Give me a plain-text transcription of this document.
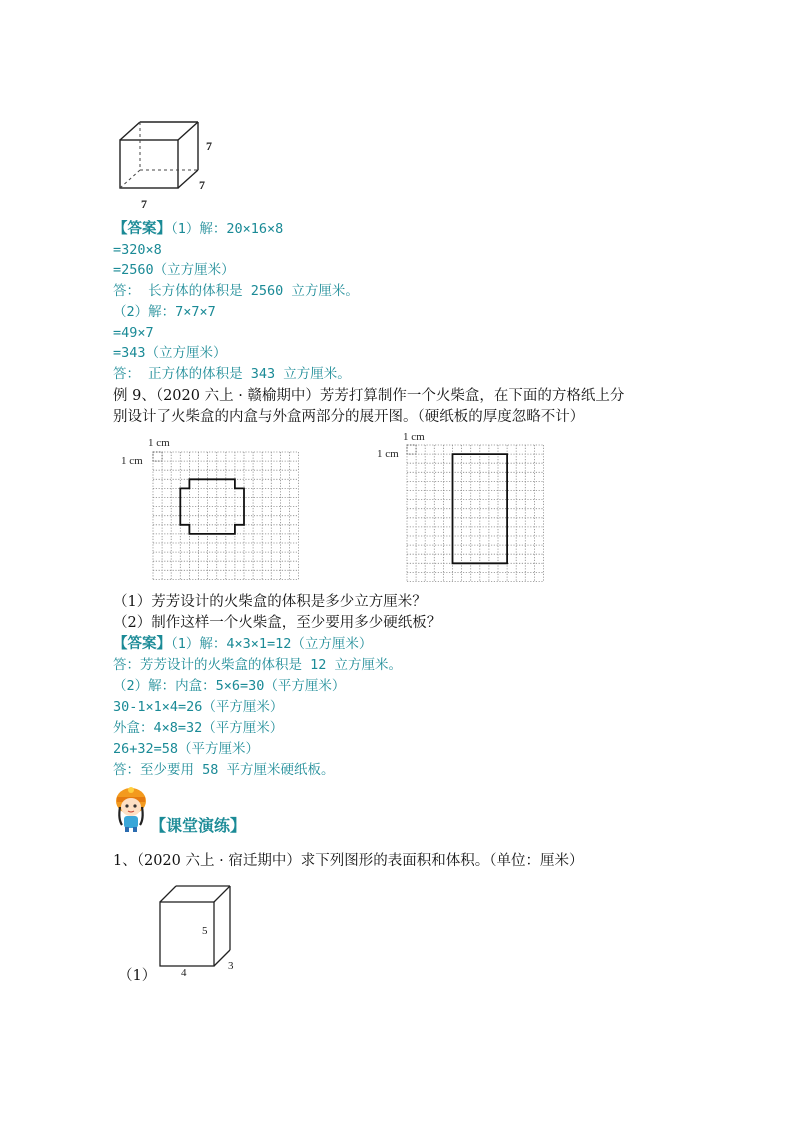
7
7
7
【答案】（1）解：20×16×8
=320×8
=2560（立方厘米）
答： 长方体的体积是 2560 立方厘米。
（2）解：7×7×7
=49×7
=343（立方厘米）
答： 正方体的体积是 343 立方厘米。
例 9、（2020 六上 · 赣榆期中）芳芳打算制作一个火柴盒，在下面的方格纸上分
别设计了火柴盒的内盒与外盒两部分的展开图。（硬纸板的厚度忽略不计）
1 cm
1 cm
1 cm
1 cm
（1）芳芳设计的火柴盒的体积是多少立方厘米？
（2）制作这样一个火柴盒，至少要用多少硬纸板？
【答案】（1）解：4×3×1=12（立方厘米）
答：芳芳设计的火柴盒的体积是 12 立方厘米。
（2）解：内盒：5×6=30（平方厘米）
30-1×1×4=26（平方厘米）
外盒：4×8=32（平方厘米）
26+32=58（平方厘米）
答：至少要用 58 平方厘米硬纸板。
【课堂演练】
1、（2020 六上 · 宿迁期中）求下列图形的表面积和体积。（单位：厘米）
5
4
3
（1）
